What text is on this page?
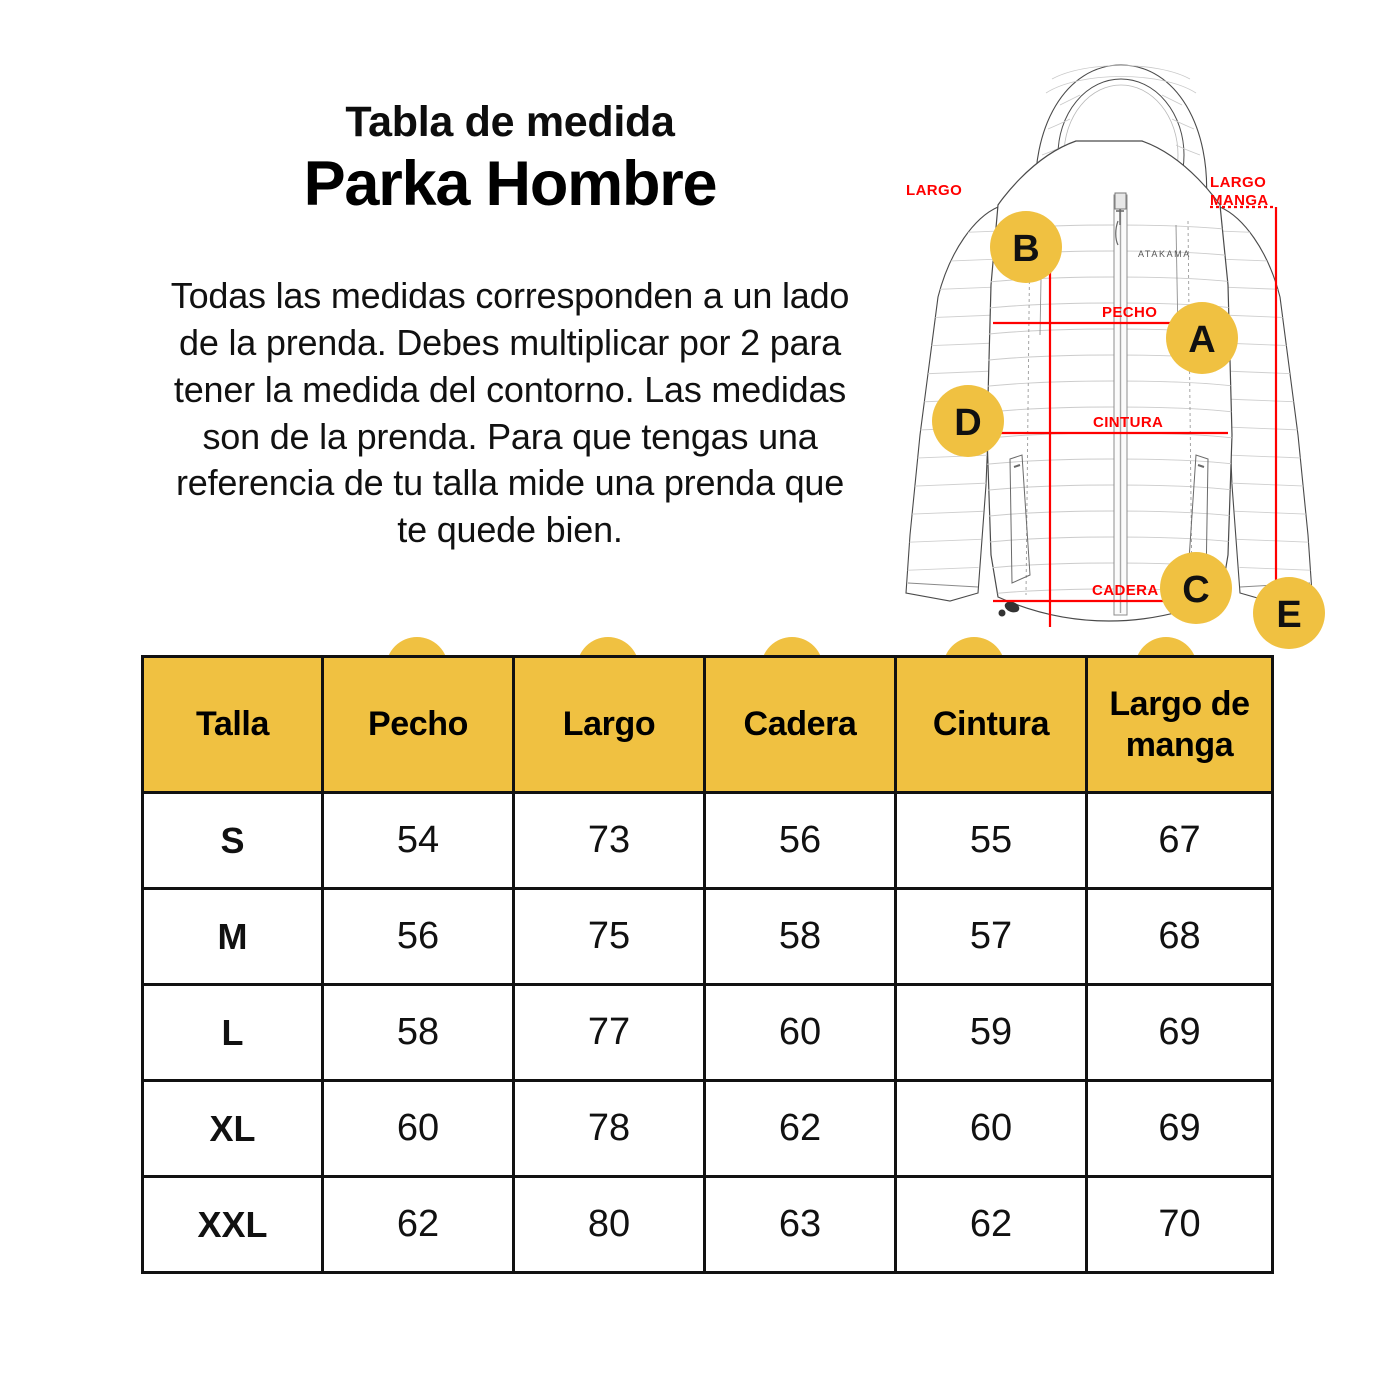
Tabla de medida
Parka Hombre

Todas las medidas corresponden a un lado de la prenda. Debes multiplicar por 2 para tener la medida del contorno. Las medidas son de la prenda. Para que tengas una referencia de tu talla mide una prenda que te quede bien.

ATAKAMA
LARGO	LARGO
MANGA
PECHO
CINTURA
CADERA
B
A
D
C
E
Talla	Pecho	Largo	Cadera	Cintura	Largo de manga
S	54	73	56	55	67
M	56	75	58	57	68
L	58	77	60	59	69
XL	60	78	62	60	69
XXL	62	80	63	62	70
